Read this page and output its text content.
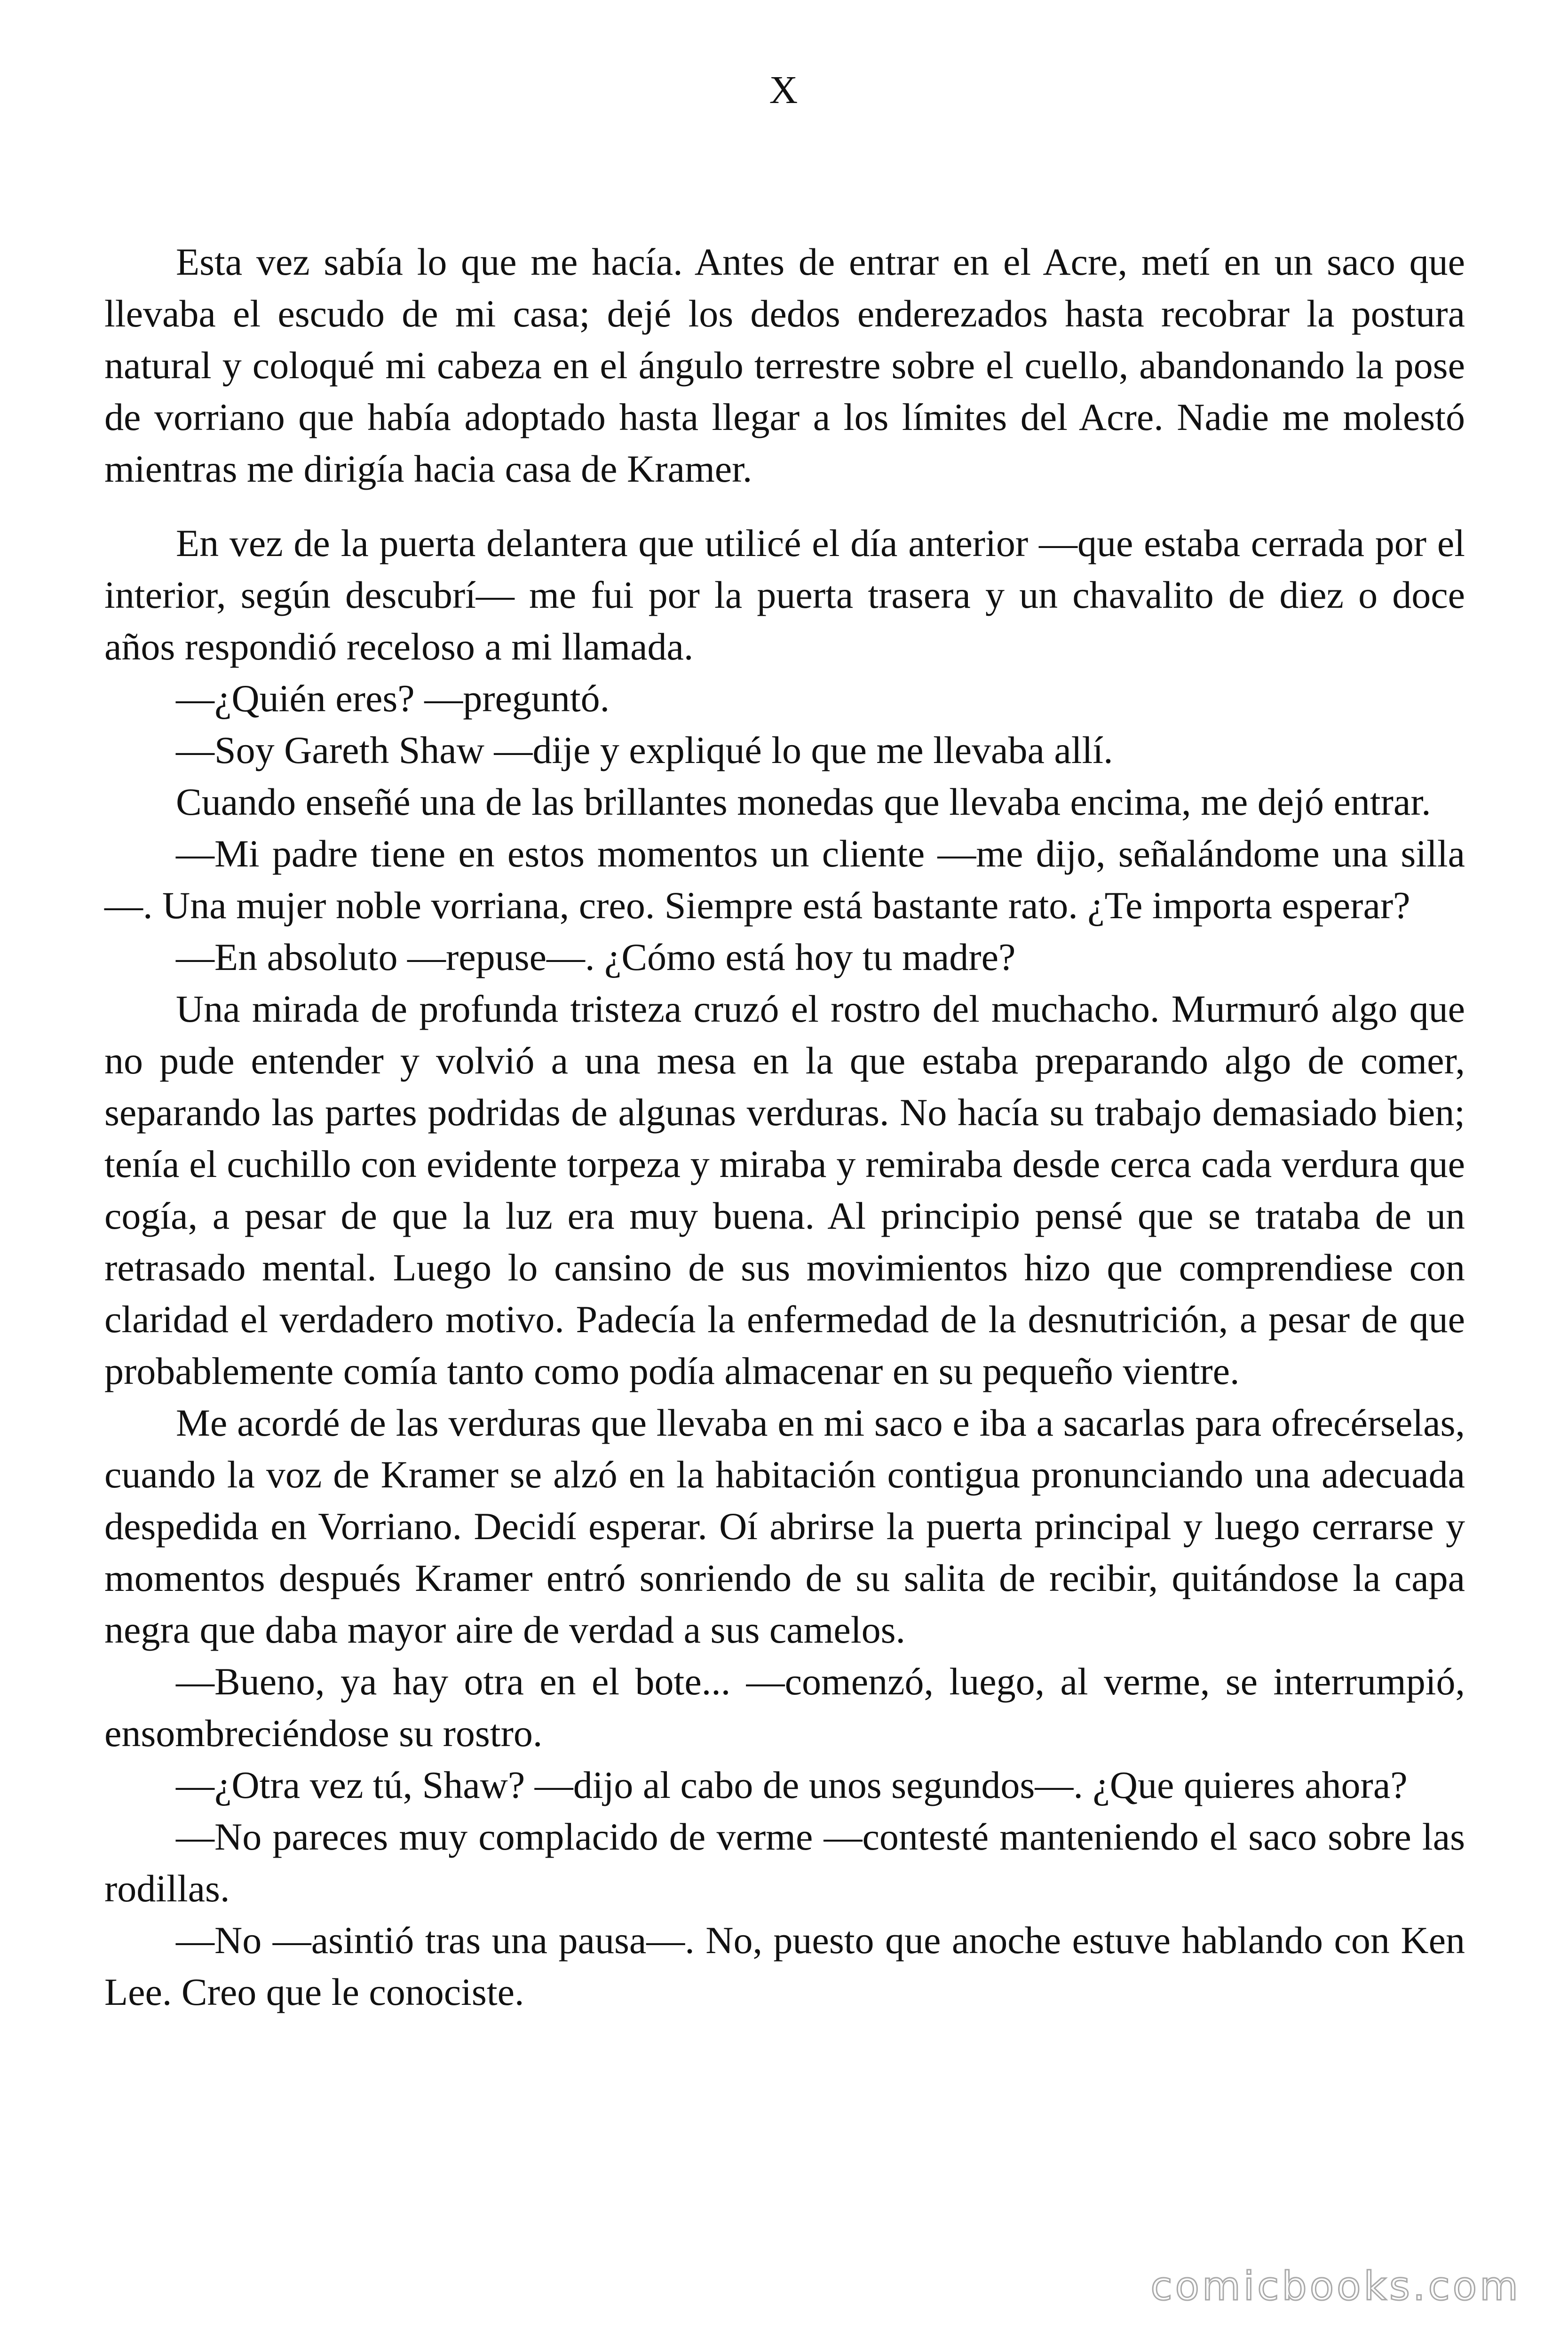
X

Esta vez sabía lo que me hacía. Antes de entrar en el Acre, metí en un saco que llevaba el escudo de mi casa; dejé los dedos enderezados hasta recobrar la postura natural y coloqué mi cabeza en el ángulo terrestre sobre el cuello, abandonando la pose de vorriano que había adoptado hasta llegar a los límites del Acre. Nadie me molestó mientras me dirigía hacia casa de Kramer.

En vez de la puerta delantera que utilicé el día anterior —que estaba cerrada por el interior, según descubrí— me fui por la puerta trasera y un chavalito de diez o doce años respondió receloso a mi llamada.

—¿Quién eres? —preguntó.

—Soy Gareth Shaw —dije y expliqué lo que me llevaba allí.

Cuando enseñé una de las brillantes monedas que llevaba encima, me dejó entrar.

—Mi padre tiene en estos momentos un cliente —me dijo, señalándome una silla—. Una mujer noble vorriana, creo. Siempre está bastante rato. ¿Te importa esperar?

—En absoluto —repuse—. ¿Cómo está hoy tu madre?

Una mirada de profunda tristeza cruzó el rostro del muchacho. Murmuró algo que no pude entender y volvió a una mesa en la que estaba preparando algo de comer, separando las partes podridas de algunas verduras. No hacía su trabajo demasiado bien; tenía el cuchillo con evidente torpeza y miraba y remiraba desde cerca cada verdura que cogía, a pesar de que la luz era muy buena. Al principio pensé que se trataba de un retrasado mental. Luego lo cansino de sus movimientos hizo que comprendiese con claridad el verdadero motivo. Padecía la enfermedad de la desnutrición, a pesar de que probablemente comía tanto como podía almacenar en su pequeño vientre.

Me acordé de las verduras que llevaba en mi saco e iba a sacarlas para ofrecérselas, cuando la voz de Kramer se alzó en la habitación contigua pronunciando una adecuada despedida en Vorriano. Decidí esperar. Oí abrirse la puerta principal y luego cerrarse y momentos después Kramer entró sonriendo de su salita de recibir, quitándose la capa negra que daba mayor aire de verdad a sus camelos.

—Bueno, ya hay otra en el bote... —comenzó, luego, al verme, se interrumpió, ensombreciéndose su rostro.

—¿Otra vez tú, Shaw? —dijo al cabo de unos segundos—. ¿Que quieres ahora?

—No pareces muy complacido de verme —contesté manteniendo el saco sobre las rodillas.

—No —asintió tras una pausa—. No, puesto que anoche estuve hablando con Ken Lee. Creo que le conociste.

comicbooks.com
